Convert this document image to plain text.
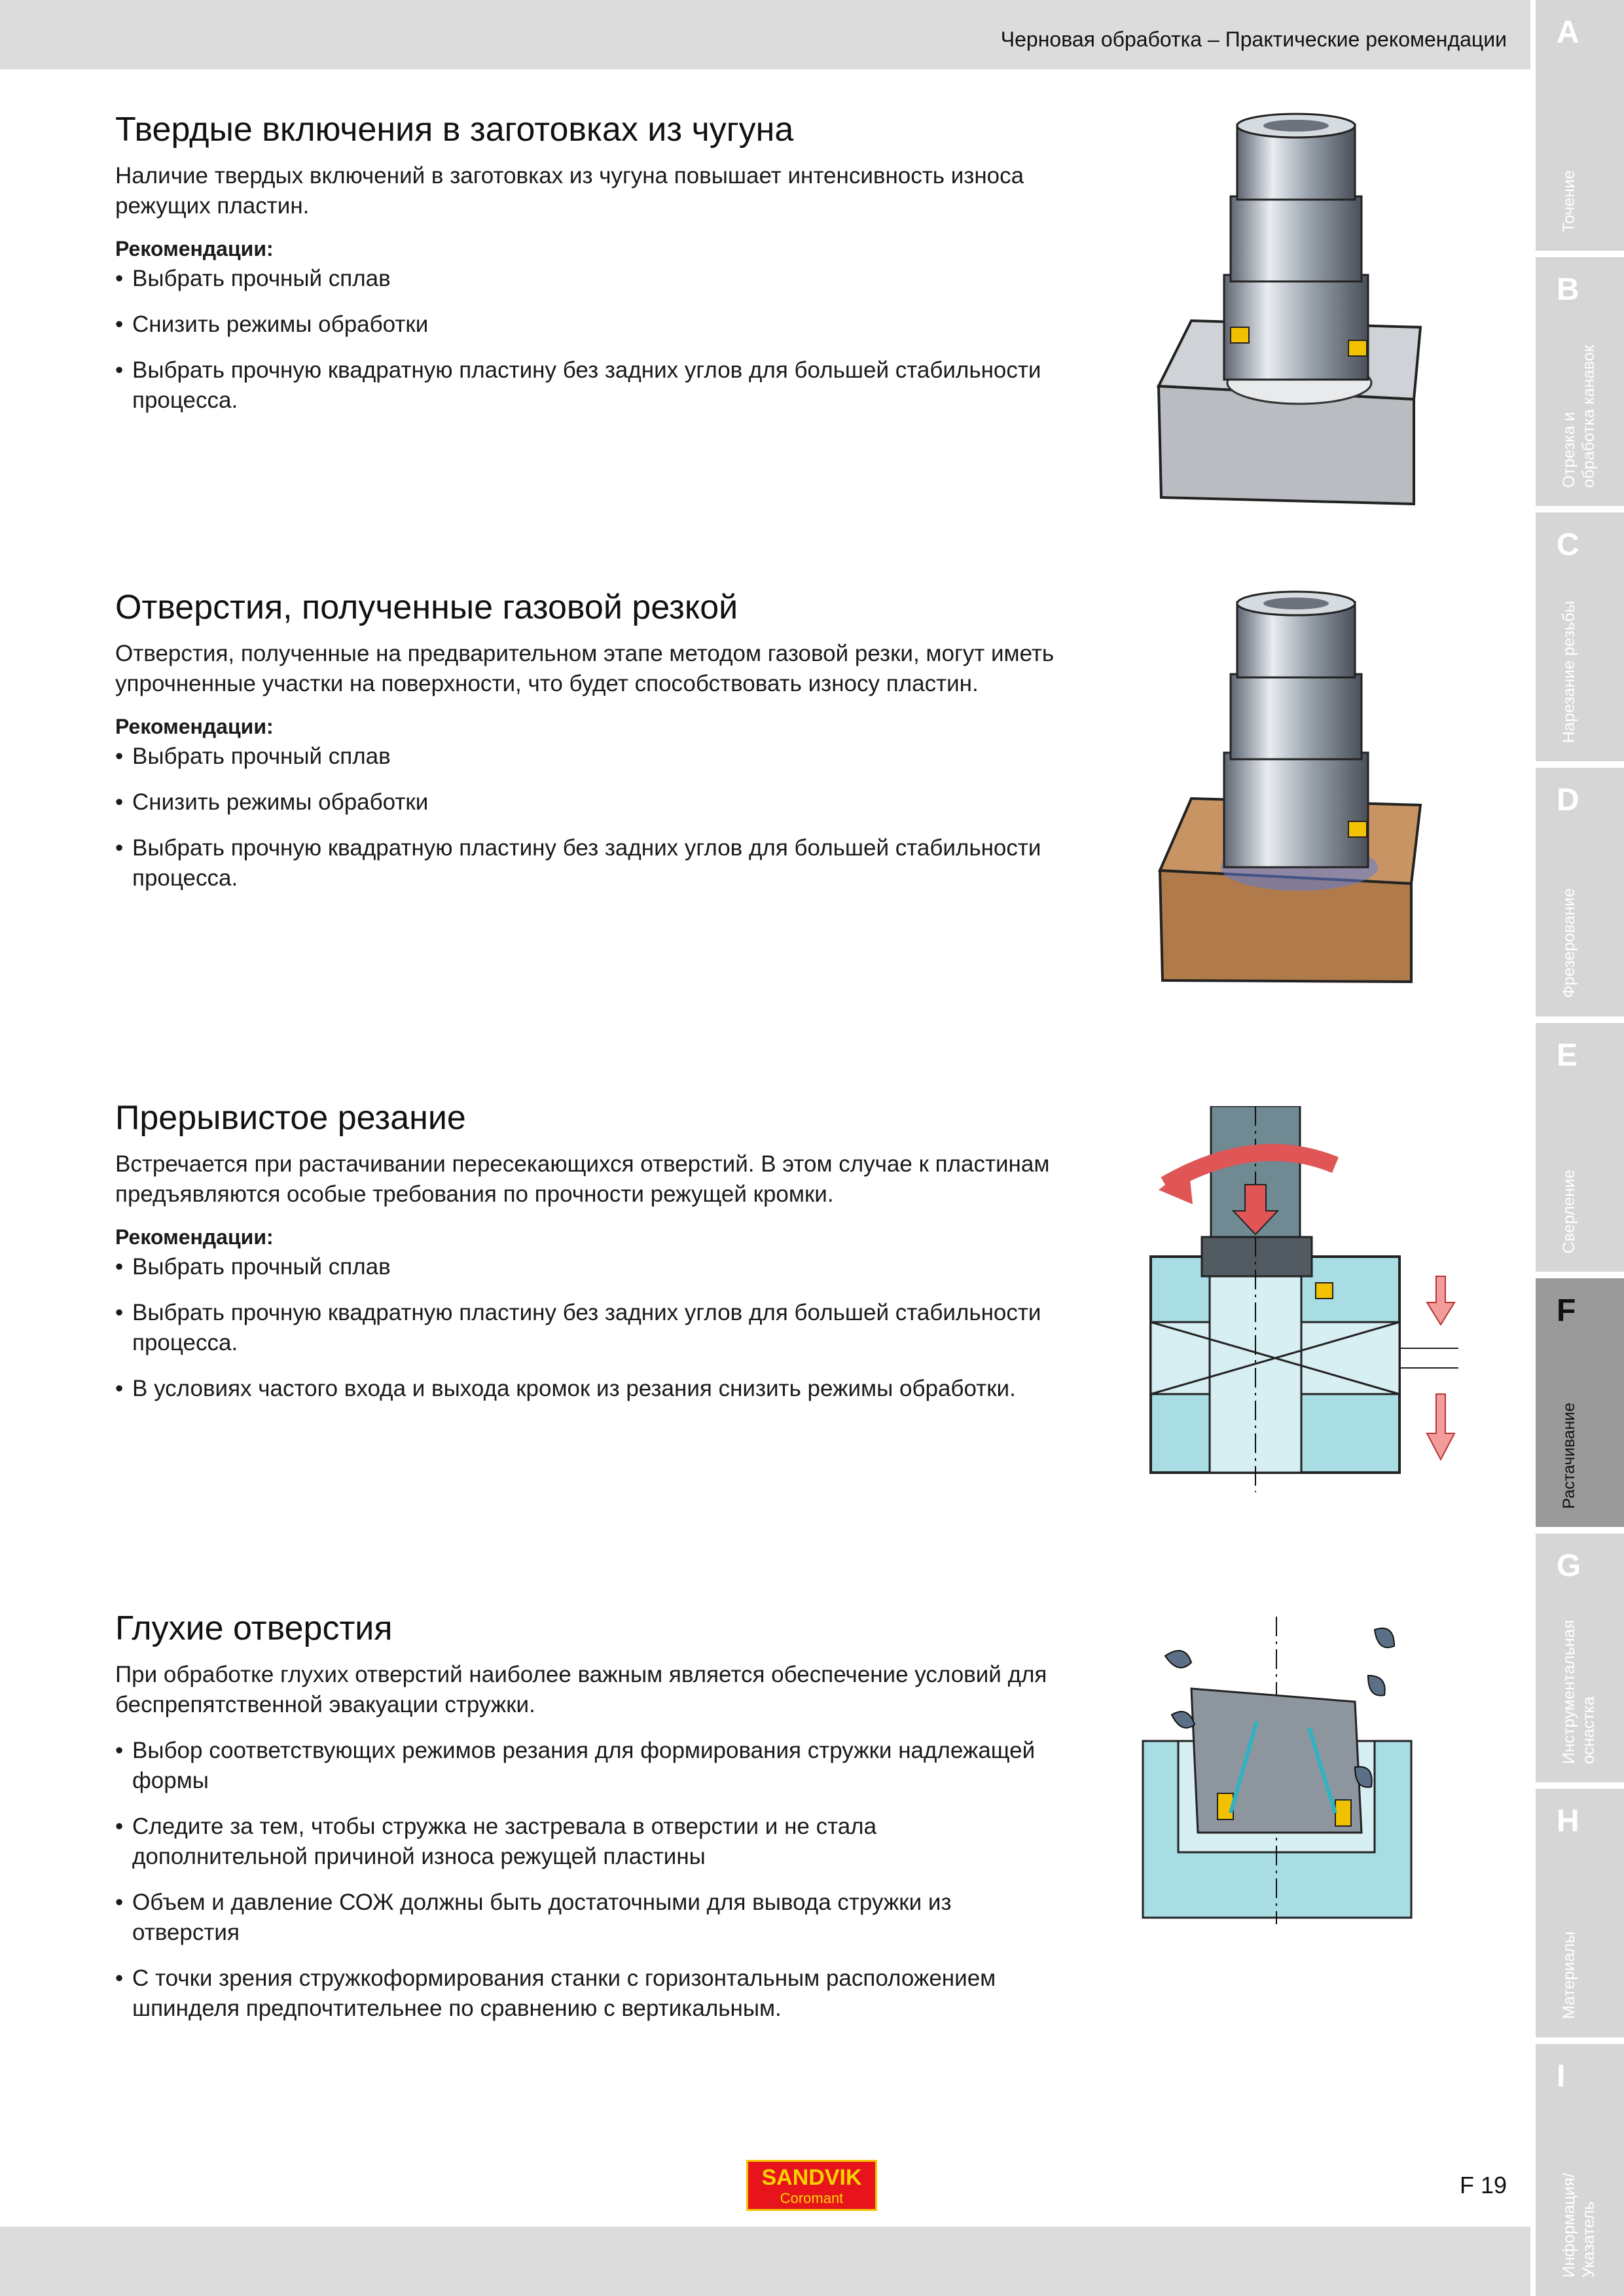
Черновая обработка – Практические рекомендации A
Точение
B
Отрезка и
обработка канавок
C
Нарезание резьбы
D
Фрезерование
E
Сверление
F
Растачивание
G
Инструментальная
оснастка
H
Материалы
I
Информация/
Указатель
Твердые включения в заготовках из чугуна

Наличие твердых включений в заготовках из чугуна повышает интенсивность износа режущих пластин.

Рекомендации:
• Выбрать прочный сплав
• Снизить режимы обработки
• Выбрать прочную квадратную пластину без задних углов для большей стабильности процесса.
Отверстия, полученные газовой резкой

Отверстия, полученные на предварительном этапе методом газовой резки, могут иметь упрочненные участки на поверхности, что будет способствовать износу пластин.

Рекомендации:
• Выбрать прочный сплав
• Снизить режимы обработки
• Выбрать прочную квадратную пластину без задних углов для большей стабильности процесса.
Прерывистое резание

Встречается при растачивании пересекающихся отверстий. В этом случае к пластинам предъявляются особые требования по прочности режущей кромки.

Рекомендации:
• Выбрать прочный сплав
• Выбрать прочную квадратную пластину без задних углов для большей стабильности процесса.
• В условиях частого входа и выхода кромок из резания снизить режимы обработки.
Глухие отверстия

При обработке глухих отверстий наиболее важным является обеспечение условий для беспрепятственной эвакуации стружки.

• Выбор соответствующих режимов резания для формирования стружки надлежащей формы
• Следите за тем, чтобы стружка не застревала в отверстии и не стала дополнительной причиной износа режущей пластины
• Объем и давление СОЖ должны быть достаточными для вывода стружки из отверстия
• С точки зрения стружкоформирования станки с горизонтальным расположением шпинделя предпочтительнее по сравнению с вертикальным.
SANDVIK
Coromant	F 19
